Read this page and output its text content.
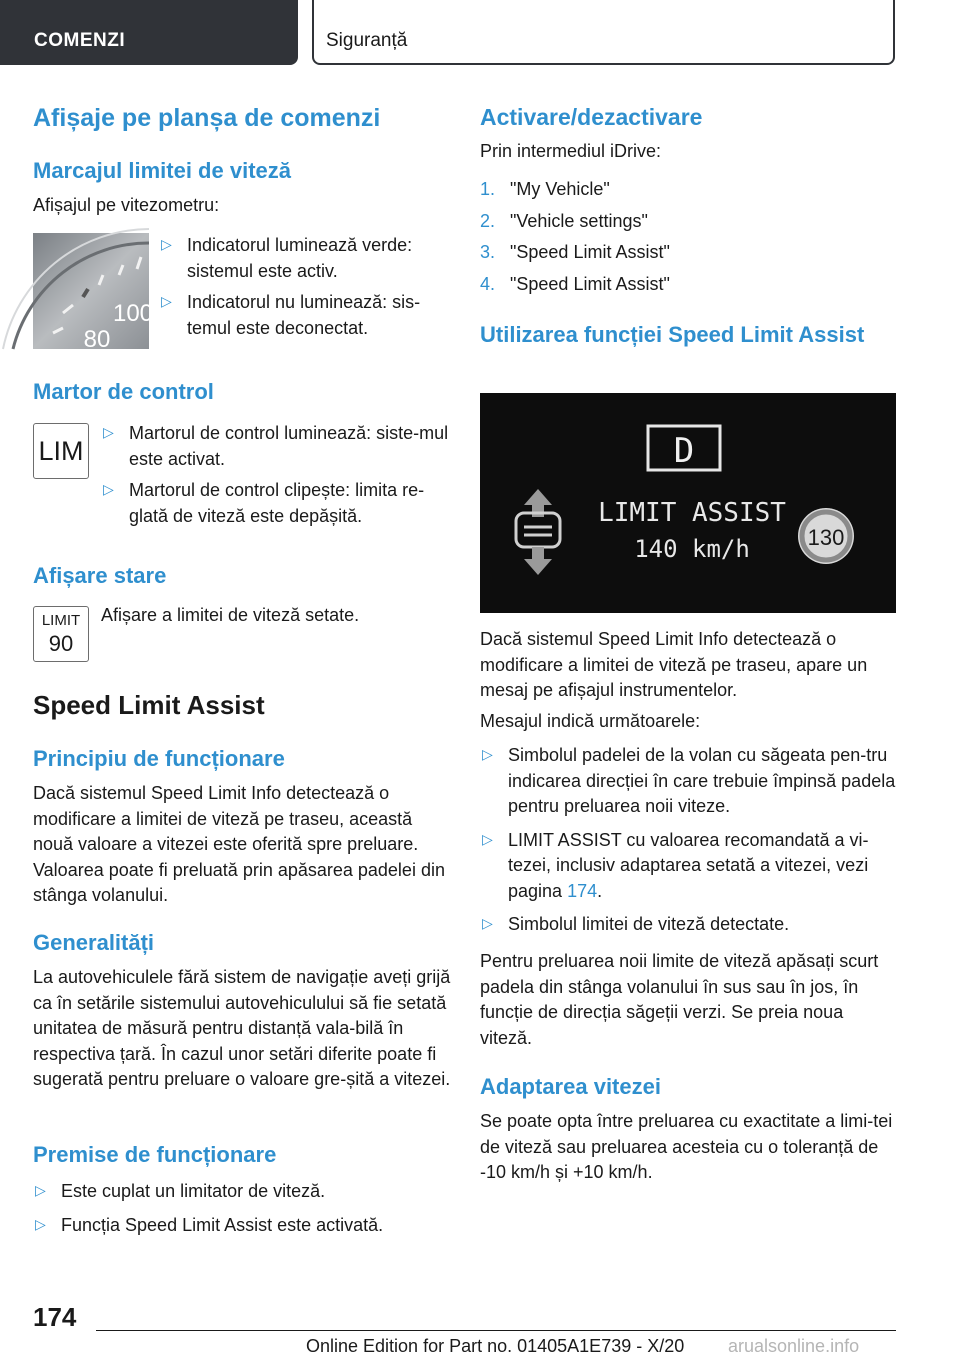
COMENZI	Siguranță
Afișaje pe planșa de comenzi
Marcajul limitei de viteză
Afișajul pe vitezometru:
100
80
▷ Indicatorul luminează verde: sistemul este activ.
▷ Indicatorul nu luminează: sis-temul este deconectat.
Martor de control
LIM
▷ Martorul de control luminează: siste-mul este activat.
▷ Martorul de control clipește: limita re-glată de viteză este depășită.
Afișare stare
LIMIT
90
Afișare a limitei de viteză setate.
Speed Limit Assist
Principiu de funcționare
Dacă sistemul Speed Limit Info detectează o modificare a limitei de viteză pe traseu, această nouă valoare a vitezei este oferită spre preluare. Valoarea poate fi preluată prin apăsarea padelei din stânga volanului.
Generalități
La autovehiculele fără sistem de navigație aveți grijă ca în setările sistemului autovehiculului să fie setată unitatea de măsură pentru distanță vala-bilă în respectiva țară. În cazul unor setări diferite poate fi sugerată pentru preluare o valoare gre-șită a vitezei.
Premise de funcționare
▷ Este cuplat un limitator de viteză.
▷ Funcția Speed Limit Assist este activată.
Activare/dezactivare
Prin intermediul iDrive:
1. "My Vehicle"
2. "Vehicle settings"
3. "Speed Limit Assist"
4. "Speed Limit Assist"
Utilizarea funcției Speed Limit Assist
D
LIMIT ASSIST
140 km/h	130
Dacă sistemul Speed Limit Info detectează o modificare a limitei de viteză pe traseu, apare un mesaj pe afișajul instrumentelor.
Mesajul indică următoarele:
▷ Simbolul padelei de la volan cu săgeata pen-tru indicarea direcției în care trebuie împinsă padela pentru preluarea noii viteze.
▷ LIMIT ASSIST cu valoarea recomandată a vi-tezei, inclusiv adaptarea setată a vitezei, vezi pagina 174.
▷ Simbolul limitei de viteză detectate.
Pentru preluarea noii limite de viteză apăsați scurt padela din stânga volanului în sus sau în jos, în funcție de direcția săgeții verzi. Se preia noua viteză.
Adaptarea vitezei
Se poate opta între preluarea cu exactitate a limi-tei de viteză sau preluarea acesteia cu o toleranță de -10 km/h și +10 km/h.
174
Online Edition for Part no. 01405A1E739 - X/20 arualsonline.info
